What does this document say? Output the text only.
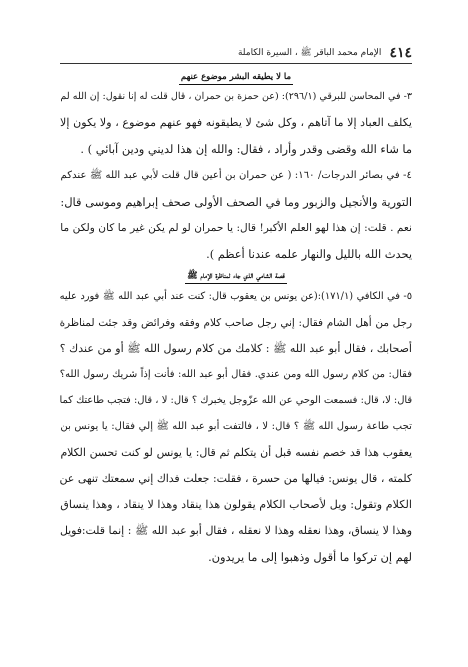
٤١٤
الإمام محمد الباقر ﷺ ، السيرة الكاملة
ما لا يطيقه البشر موضوع عنهم
٣- في المحاسن للبرقي (٢٩٦/١): (عن حمزة بن حمران ، قال قلت له إنا نقول: إن الله لم
يكلف العباد إلا ما آتاهم ، وكل شئ لا يطيقونه فهو عنهم موضوع ، ولا يكون إلا
ما شاء الله وقضى وقدر وأراد ، فقال: والله إن هذا لديني ودين آبائي ) .
٤- في بصائر الدرجات/ ١٦٠: ( عن حمران بن أعين قال قلت لأبي عبد الله ﷺ عندكم
التورية والأنجيل والزبور وما في الصحف الأولى صحف إبراهيم وموسى قال:
نعم . قلت: إن هذا لهو العلم الأكبر! قال: يا حمران لو لم يكن غير ما كان ولكن ما
يحدث الله بالليل والنهار علمه عندنا أعظم ).
قصة الشامي الذي جاء لمناظرة الإمام ﷺ
٥- في الكافي (١٧١/١):(عن يونس بن يعقوب قال: كنت عند أبي عبد الله ﷺ فورد عليه
رجل من أهل الشام فقال: إني رجل صاحب كلام وفقه وفرائض وقد جئت لمناظرة
أصحابك ، فقال أبو عبد الله ﷺ : كلامك من كلام رسول الله ﷺ أو من عندك ؟
فقال: من كلام رسول الله ومن عندي. فقال أبو عبد الله: فأنت إذاً شريك رسول الله؟
قال: لا، قال: فسمعت الوحي عن الله عزّوجل يخبرك ؟ قال: لا ، قال: فتجب طاعتك كما
تجب طاعة رسول الله ﷺ ؟ قال: لا ، فالتفت أبو عبد الله ﷺ إلي فقال: يا يونس بن
يعقوب هذا قد خصم نفسه قبل أن يتكلم ثم قال: يا يونس لو كنت تحسن الكلام
كلمته ، قال يونس: فيالها من حسرة ، فقلت: جعلت فداك إني سمعتك تنهى عن
الكلام وتقول: ويل لأصحاب الكلام يقولون هذا ينقاد وهذا لا ينقاد ، وهذا ينساق
وهذا لا ينساق، وهذا نعقله وهذا لا نعقله ، فقال أبو عبد الله ﷺ : إنما قلت:فويل
لهم إن تركوا ما أقول وذهبوا إلى ما يريدون.
